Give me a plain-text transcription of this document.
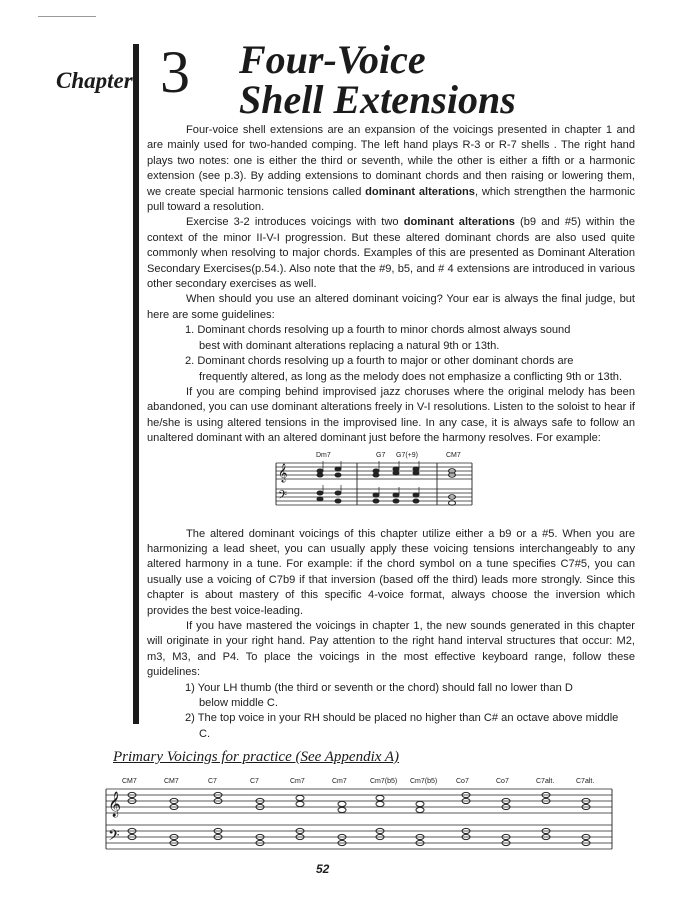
Chapter 3 Four-Voice
Shell Extensions

Four-voice shell extensions are an expansion of the voicings presented in chapter 1 and are mainly used for two-handed comping. The left hand plays R-3 or R-7 shells . The right hand plays two notes: one is either the third or seventh, while the other is either a fifth or a harmonic extension (see p.3). By adding extensions to dominant chords and then raising or lowering them, we create special harmonic tensions called dominant alterations, which strengthen the harmonic pull toward a resolution.

Exercise 3-2 introduces voicings with two dominant alterations (b9 and #5) within the context of the minor II-V-I progression. But these altered dominant chords are also used quite commonly when resolving to major chords. Examples of this are presented as Dominant Alteration Secondary Exercises(p.54.). Also note that the #9, b5, and # 4 extensions are introduced in various other secondary exercises as well.

When should you use an altered dominant voicing? Your ear is always the final judge, but here are some guidelines:

1. Dominant chords resolving up a fourth to minor chords almost always sound
best with dominant alterations replacing a natural 9th or 13th.

2. Dominant chords resolving up a fourth to major or other dominant chords are
frequently altered, as long as the melody does not emphasize a conflicting 9th or 13th.

If you are comping behind improvised jazz choruses where the original melody has been abandoned, you can use dominant alterations freely in V-I resolutions. Listen to the soloist to hear if he/she is using altered tensions in the improvised line. In any case, it is always safe to follow an unaltered dominant with an altered dominant just before the harmony resolves. For example:

The altered dominant voicings of this chapter utilize either a b9 or a #5. When you are harmonizing a lead sheet, you can usually apply these voicing tensions interchangeably to any altered harmony in a tune. For example: if the chord symbol on a tune specifies C7#5, you can usually use a voicing of C7b9 if that inversion (based off the third) leads more strongly. Since this chapter is about mastery of this specific 4-voice format, always choose the inversion which provides the best voice-leading.

If you have mastered the voicings in chapter 1, the new sounds generated in this chapter will originate in your right hand. Pay attention to the right hand interval structures that occur: M2, m3, M3, and P4. To place the voicings in the most effective keyboard range, follow these guidelines:

1) Your LH thumb (the third or seventh or the chord) should fall no lower than D
below middle C.

2) The top voice in your RH should be placed no higher than C# an octave above middle
C.

Dm7	G7 G7(+9)	CM7
𝄞
𝄢
Primary Voicings for practice (See Appendix A)
CM7	CM7	C7	C7	Cm7	Cm7	Cm7(b5) Cm7(b5)	Co7	Co7	C7alt.	C7alt.
𝄞
𝄢
52
